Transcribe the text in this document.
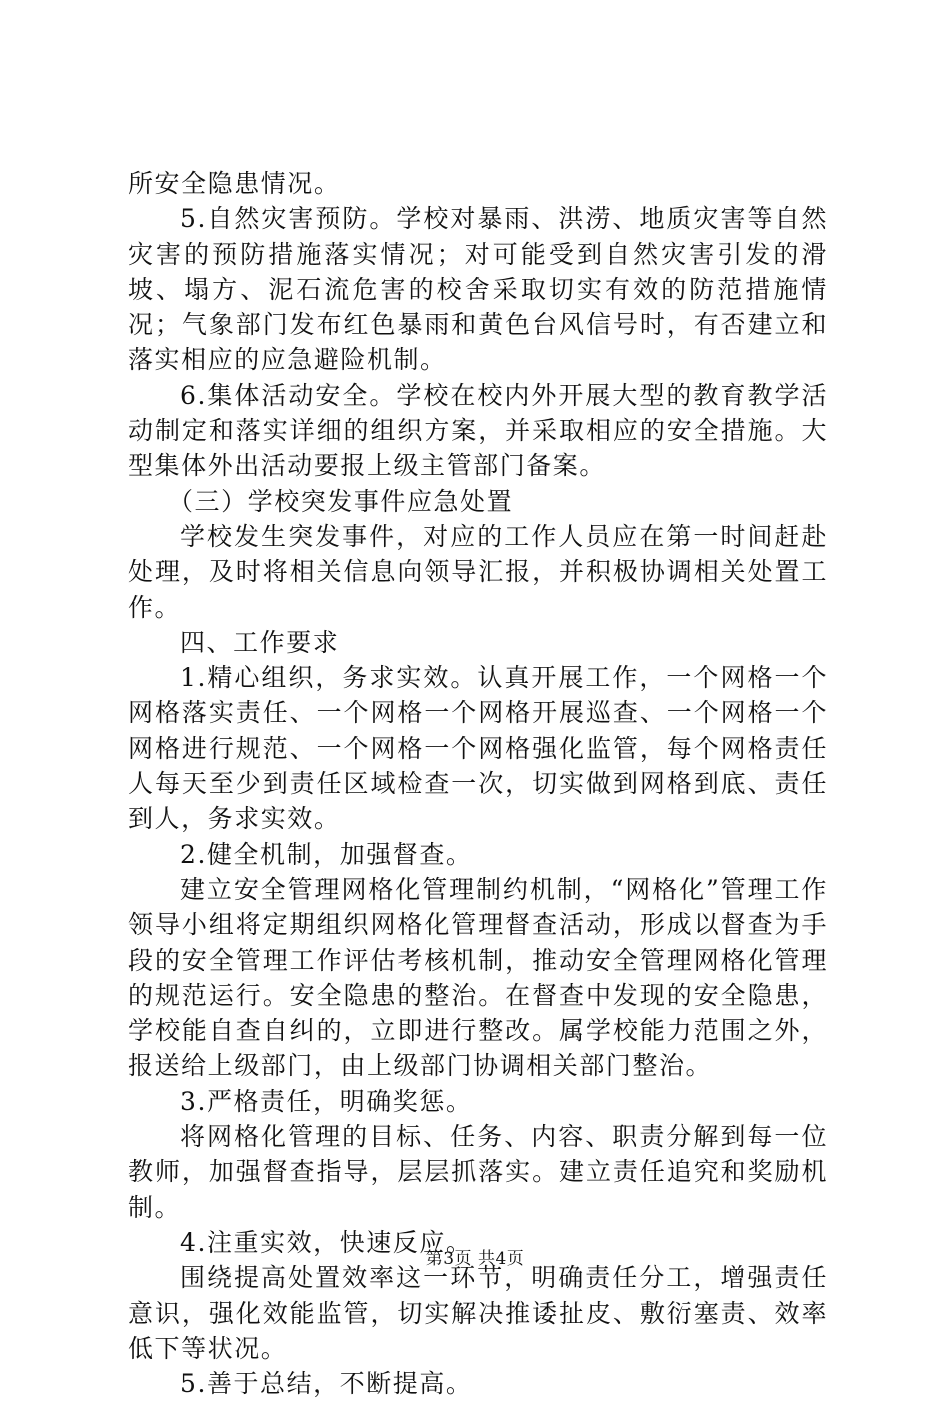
所安全隐患情况。

5.自然灾害预防。学校对暴雨、洪涝、地质灾害等自然灾害的预防措施落实情况；对可能受到自然灾害引发的滑坡、塌方、泥石流危害的校舍采取切实有效的防范措施情况；气象部门发布红色暴雨和黄色台风信号时，有否建立和落实相应的应急避险机制。

6.集体活动安全。学校在校内外开展大型的教育教学活动制定和落实详细的组织方案，并采取相应的安全措施。大型集体外出活动要报上级主管部门备案。

（三）学校突发事件应急处置

学校发生突发事件，对应的工作人员应在第一时间赶赴处理，及时将相关信息向领导汇报，并积极协调相关处置工作。

四、工作要求

1.精心组织，务求实效。认真开展工作，一个网格一个网格落实责任、一个网格一个网格开展巡查、一个网格一个网格进行规范、一个网格一个网格强化监管，每个网格责任人每天至少到责任区域检查一次，切实做到网格到底、责任到人，务求实效。

2.健全机制，加强督查。

建立安全管理网格化管理制约机制，“网格化”管理工作领导小组将定期组织网格化管理督查活动，形成以督查为手段的安全管理工作评估考核机制，推动安全管理网格化管理的规范运行。安全隐患的整治。在督查中发现的安全隐患，学校能自查自纠的，立即进行整改。属学校能力范围之外，报送给上级部门，由上级部门协调相关部门整治。

3.严格责任，明确奖惩。

将网格化管理的目标、任务、内容、职责分解到每一位教师，加强督查指导，层层抓落实。建立责任追究和奖励机制。

4.注重实效，快速反应。

围绕提高处置效率这一环节，明确责任分工，增强责任意识，强化效能监管，切实解决推诿扯皮、敷衍塞责、效率低下等状况。

5.善于总结，不断提高。

第3页 共4页
